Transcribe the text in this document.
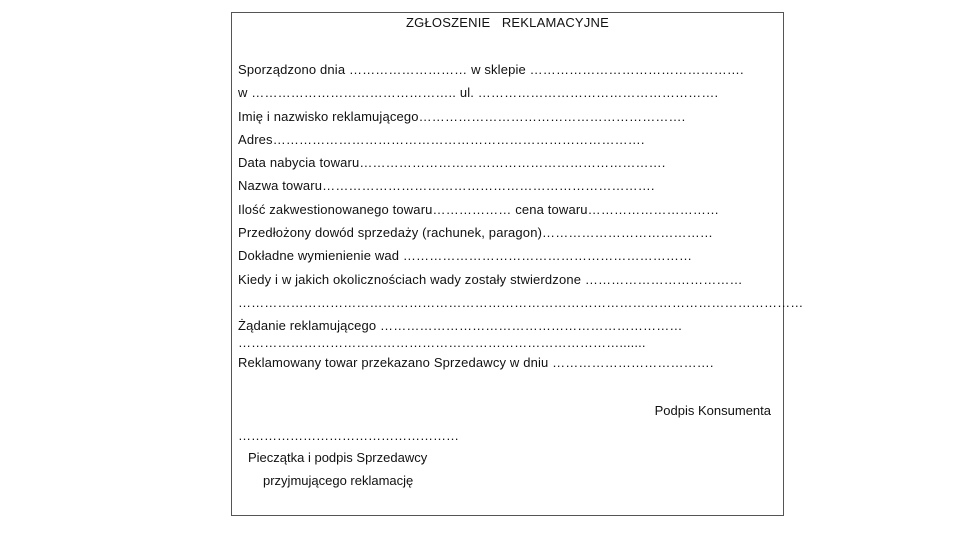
ZGŁOSZENIE   REKLAMACYJNE
Sporządzono dnia ……………………… w sklepie ………………………………………….
w ……………………………………….. ul. ……………………………………………….
Imię i nazwisko reklamującego…………………………………………………….
Adres………………………………………………………………………….
Data nabycia towaru…………………………………………………………….
Nazwa towaru………………………………………………………………….
Ilość zakwestionowanego towaru……………… cena towaru…………………………
Przedłożony dowód sprzedaży (rachunek, paragon)…………………………………
Dokładne wymienienie wad …………………………………………………………
Kiedy i w jakich okolicznościach wady zostały stwierdzone ………………………………
…………………………………………………………………………………………………………………
Żądanie reklamującego ……………………………………………………………
…………………………………………………………………………….......
Reklamowany towar przekazano Sprzedawcy w dniu ……………………………….
Podpis Konsumenta
……………………………………………
Pieczątka i podpis Sprzedawcy
przyjmującego reklamację
